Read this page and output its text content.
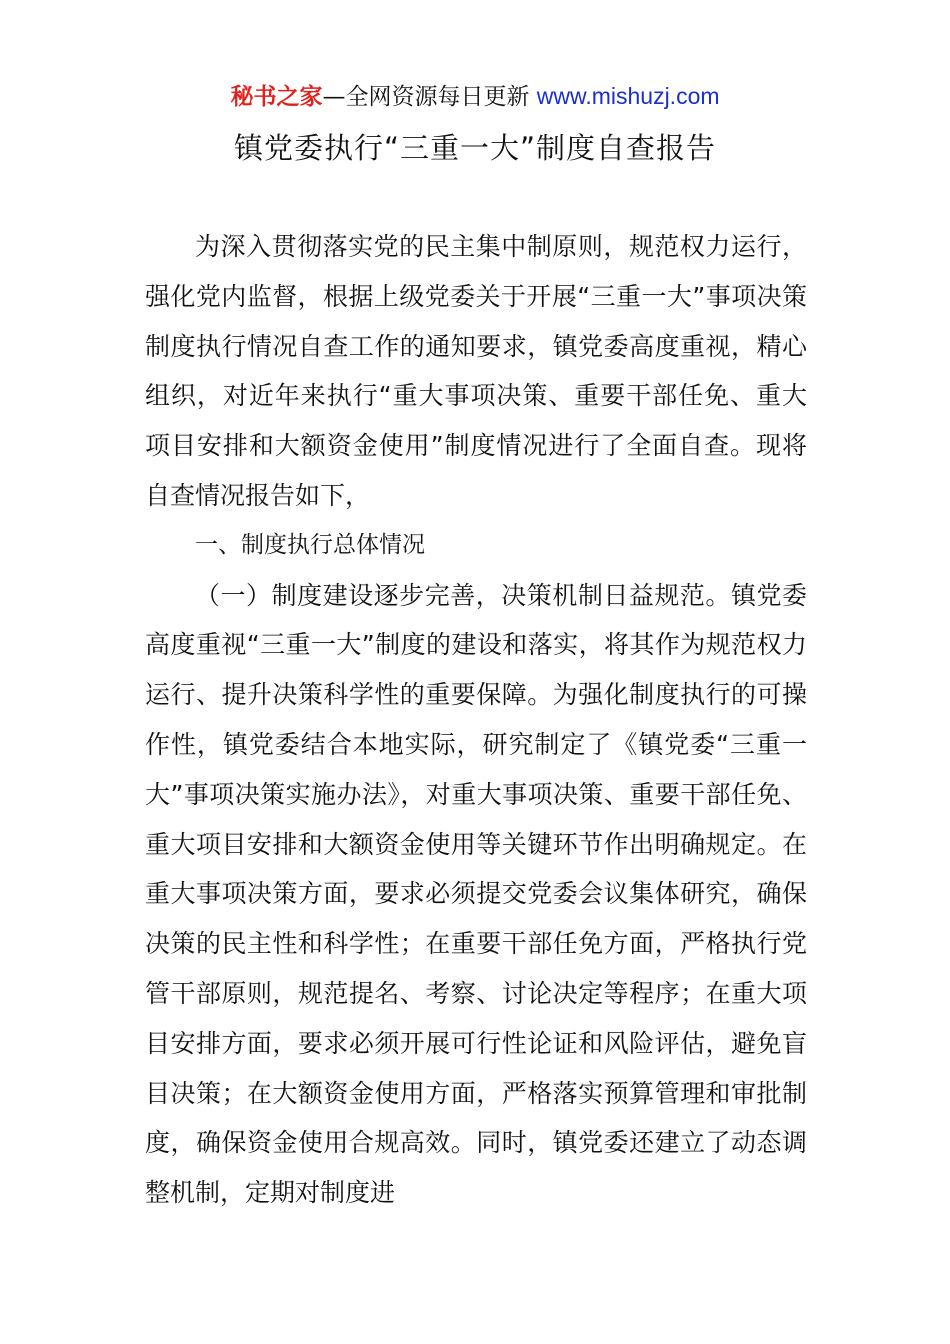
秘书之家—全网资源每日更新 www.mishuzj.com
镇党委执行“三重一大”制度自查报告

为深入贯彻落实党的民主集中制原则，规范权力运行，强化党内监督，根据上级党委关于开展“三重一大”事项决策制度执行情况自查工作的通知要求，镇党委高度重视，精心组织，对近年来执行“重大事项决策、重要干部任免、重大项目安排和大额资金使用”制度情况进行了全面自查。现将自查情况报告如下，

一、制度执行总体情况

（一）制度建设逐步完善，决策机制日益规范。镇党委高度重视“三重一大”制度的建设和落实，将其作为规范权力运行、提升决策科学性的重要保障。为强化制度执行的可操作性，镇党委结合本地实际，研究制定了《镇党委“三重一大”事项决策实施办法》，对重大事项决策、重要干部任免、重大项目安排和大额资金使用等关键环节作出明确规定。在重大事项决策方面，要求必须提交党委会议集体研究，确保决策的民主性和科学性；在重要干部任免方面，严格执行党管干部原则，规范提名、考察、讨论决定等程序；在重大项目安排方面，要求必须开展可行性论证和风险评估，避免盲目决策；在大额资金使用方面，严格落实预算管理和审批制度，确保资金使用合规高效。同时，镇党委还建立了动态调整机制，定期对制度进
